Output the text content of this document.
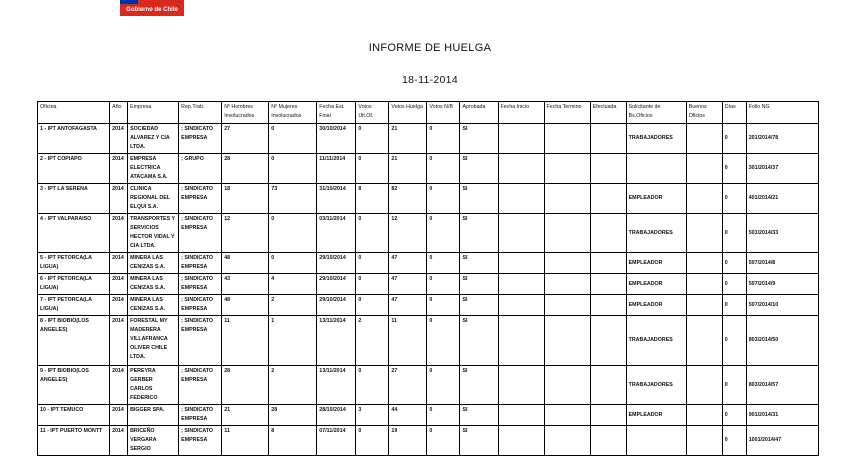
Gobierno de Chile
INFORME DE HUELGA
18-11-2014
Oficina	Año	Empresa	Rep.Trab.	Nº Hombres Involucrados	Nº Mujeres Involucrados	Fecha Est. Final	Votos Ult.Of.	Votos Huelga	Votos N/B	Aprobada	Fecha Inicio	Fecha Termino	Efectuada	Solicitante de Bs.Oficios	Buenos Oficios	Días	Folio NG
1 - IPT ANTOFAGASTA	2014	SOCIEDAD ALVAREZ Y CIA LTDA.	; SINDICATO EMPRESA	27	0	30/10/2014	0	21	0	SI				TRABAJADORES		0	201/2014/78
2 - IPT COPIAPO	2014	EMPRESA ELECTRICA ATACAMA S.A.	; GRUPO	28	0	11/11/2014	0	21	0	SI						0	301/2014/37
3 - IPT LA SERENA	2014	CLINICA REGIONAL DEL ELQUI S.A.	; SINDICATO EMPRESA	18	73	31/10/2014	8	82	0	SI				EMPLEADOR		0	401/2014/21
4 - IPT VALPARAISO	2014	TRANSPORTES Y SERVICIOS HECTOR VIDAL Y CIA LTDA.	; SINDICATO EMPRESA	12	0	03/11/2014	0	12	0	SI				TRABAJADORES		0	501/2014/33
5 - IPT PETORCA(LA LIGUA)	2014	MINERA LAS CENIZAS S.A.	; SINDICATO EMPRESA	48	0	29/10/2014	0	47	0	SI				EMPLEADOR		0	507/2014/8
6 - IPT PETORCA(LA LIGUA)	2014	MINERA LAS CENIZAS S.A.	; SINDICATO EMPRESA	43	4	29/10/2014	0	47	0	SI				EMPLEADOR		0	507/2014/9
7 - IPT PETORCA(LA LIGUA)	2014	MINERA LAS CENIZAS S.A.	; SINDICATO EMPRESA	48	2	29/10/2014	0	47	0	SI				EMPLEADOR		0	507/2014/10
8 - IPT BIOBIO(LOS ANGELES)	2014	FORESTAL MY MADERERA VILLAFRANCA OLIVER CHILE LTDA.	; SINDICATO EMPRESA	11	1	13/11/2014	2	11	0	SI				TRABAJADORES		0	803/2014/50
9 - IPT BIOBIO(LOS ANGELES)	2014	PEREYRA GERBER CARLOS FEDERICO	; SINDICATO EMPRESA	28	2	13/11/2014	0	27	0	SI				TRABAJADORES		0	803/2014/57
10 - IPT TEMUCO	2014	BIGGER SPA.	; SINDICATO EMPRESA	21	28	28/10/2014	3	44	0	SI				EMPLEADOR		0	901/2014/31
11 - IPT PUERTO MONTT	2014	BRICEÑO VERGARA SERGIO	; SINDICATO EMPRESA	11	8	07/11/2014	0	19	0	SI						0	1001/2014/47
